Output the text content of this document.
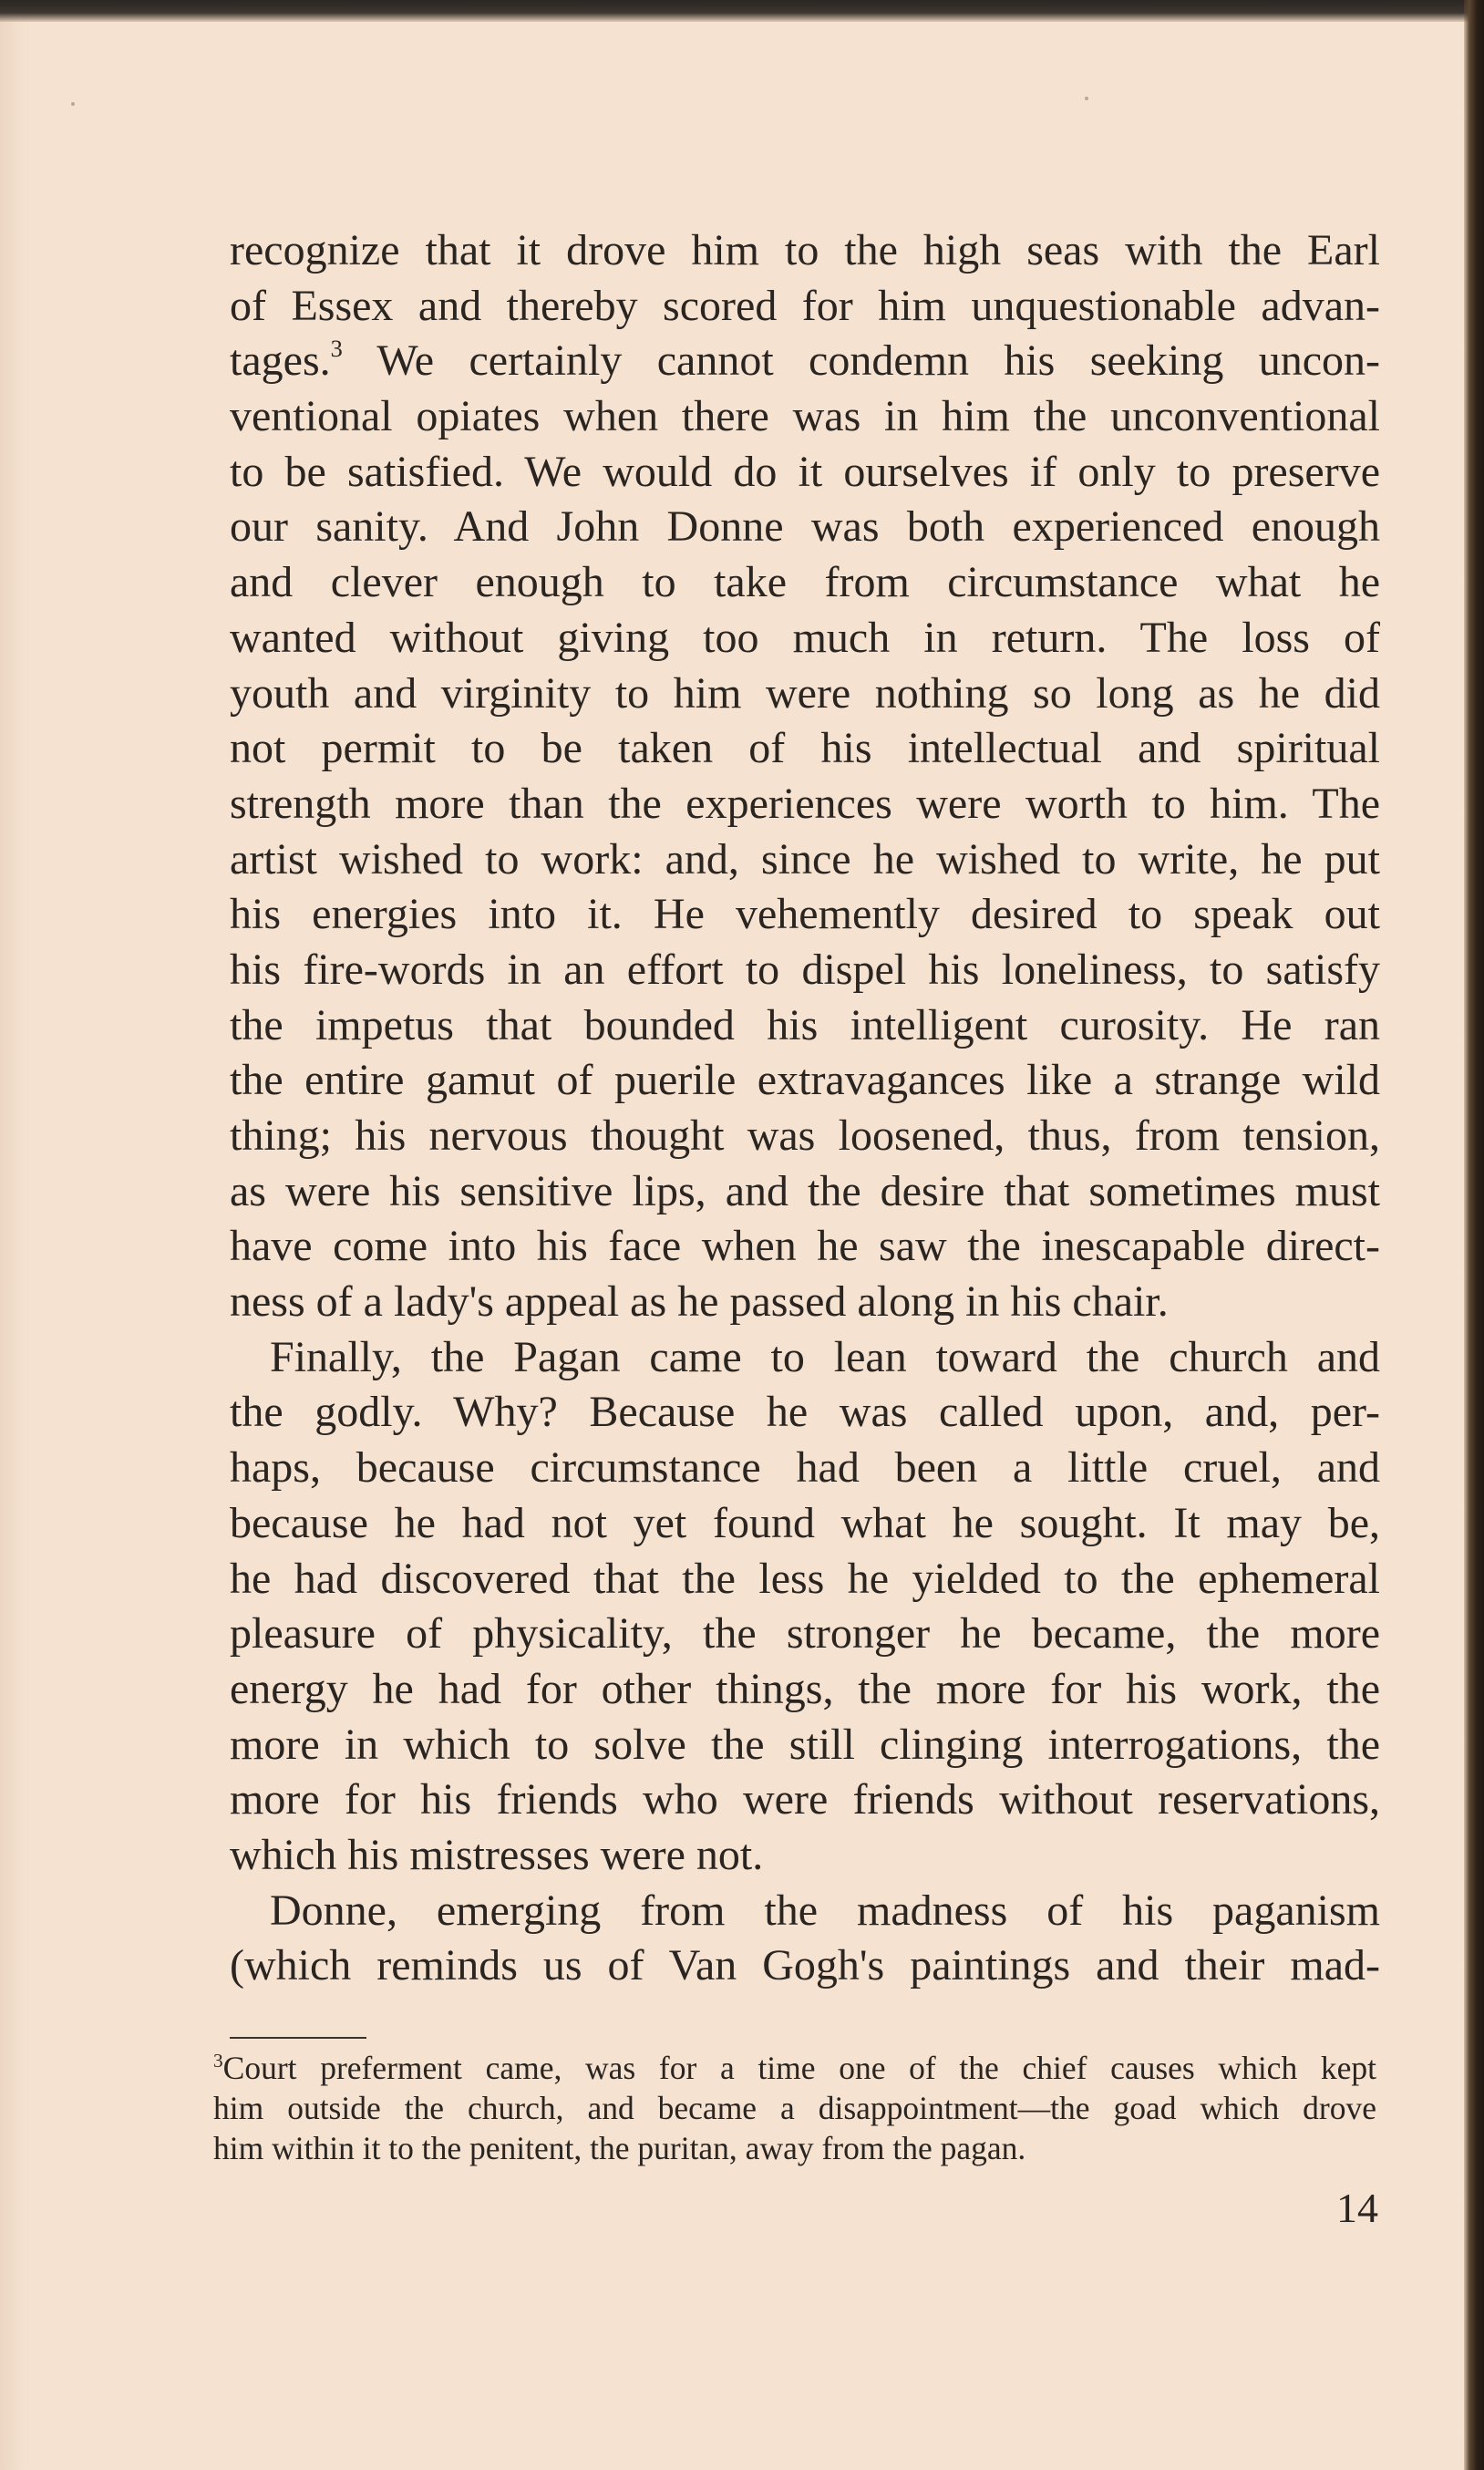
recognize that it drove him to the high seas with the Earl
of Essex and thereby scored for him unquestionable advan-
tages.$^3$ We certainly cannot condemn his seeking uncon-
ventional opiates when there was in him the unconventional
to be satisfied. We would do it ourselves if only to preserve
our sanity. And John Donne was both experienced enough
and clever enough to take from circumstance what he
wanted without giving too much in return. The loss of
youth and virginity to him were nothing so long as he did
not permit to be taken of his intellectual and spiritual
strength more than the experiences were worth to him. The
artist wished to work: and, since he wished to write, he put
his energies into it. He vehemently desired to speak out
his fire-words in an effort to dispel his loneliness, to satisfy
the impetus that bounded his intelligent curosity. He ran
the entire gamut of puerile extravagances like a strange wild
thing; his nervous thought was loosened, thus, from tension,
as were his sensitive lips, and the desire that sometimes must
have come into his face when he saw the inescapable direct-
ness of a lady's appeal as he passed along in his chair.
Finally, the Pagan came to lean toward the church and
the godly. Why? Because he was called upon, and, per-
haps, because circumstance had been a little cruel, and
because he had not yet found what he sought. It may be,
he had discovered that the less he yielded to the ephemeral
pleasure of physicality, the stronger he became, the more
energy he had for other things, the more for his work, the
more in which to solve the still clinging interrogations, the
more for his friends who were friends without reservations,
which his mistresses were not.
Donne, emerging from the madness of his paganism
(which reminds us of Van Gogh's paintings and their mad-
$^3$Court preferment came, was for a time one of the chief causes which kept
him outside the church, and became a disappointment—the goad which drove
him within it to the penitent, the puritan, away from the pagan.
14
